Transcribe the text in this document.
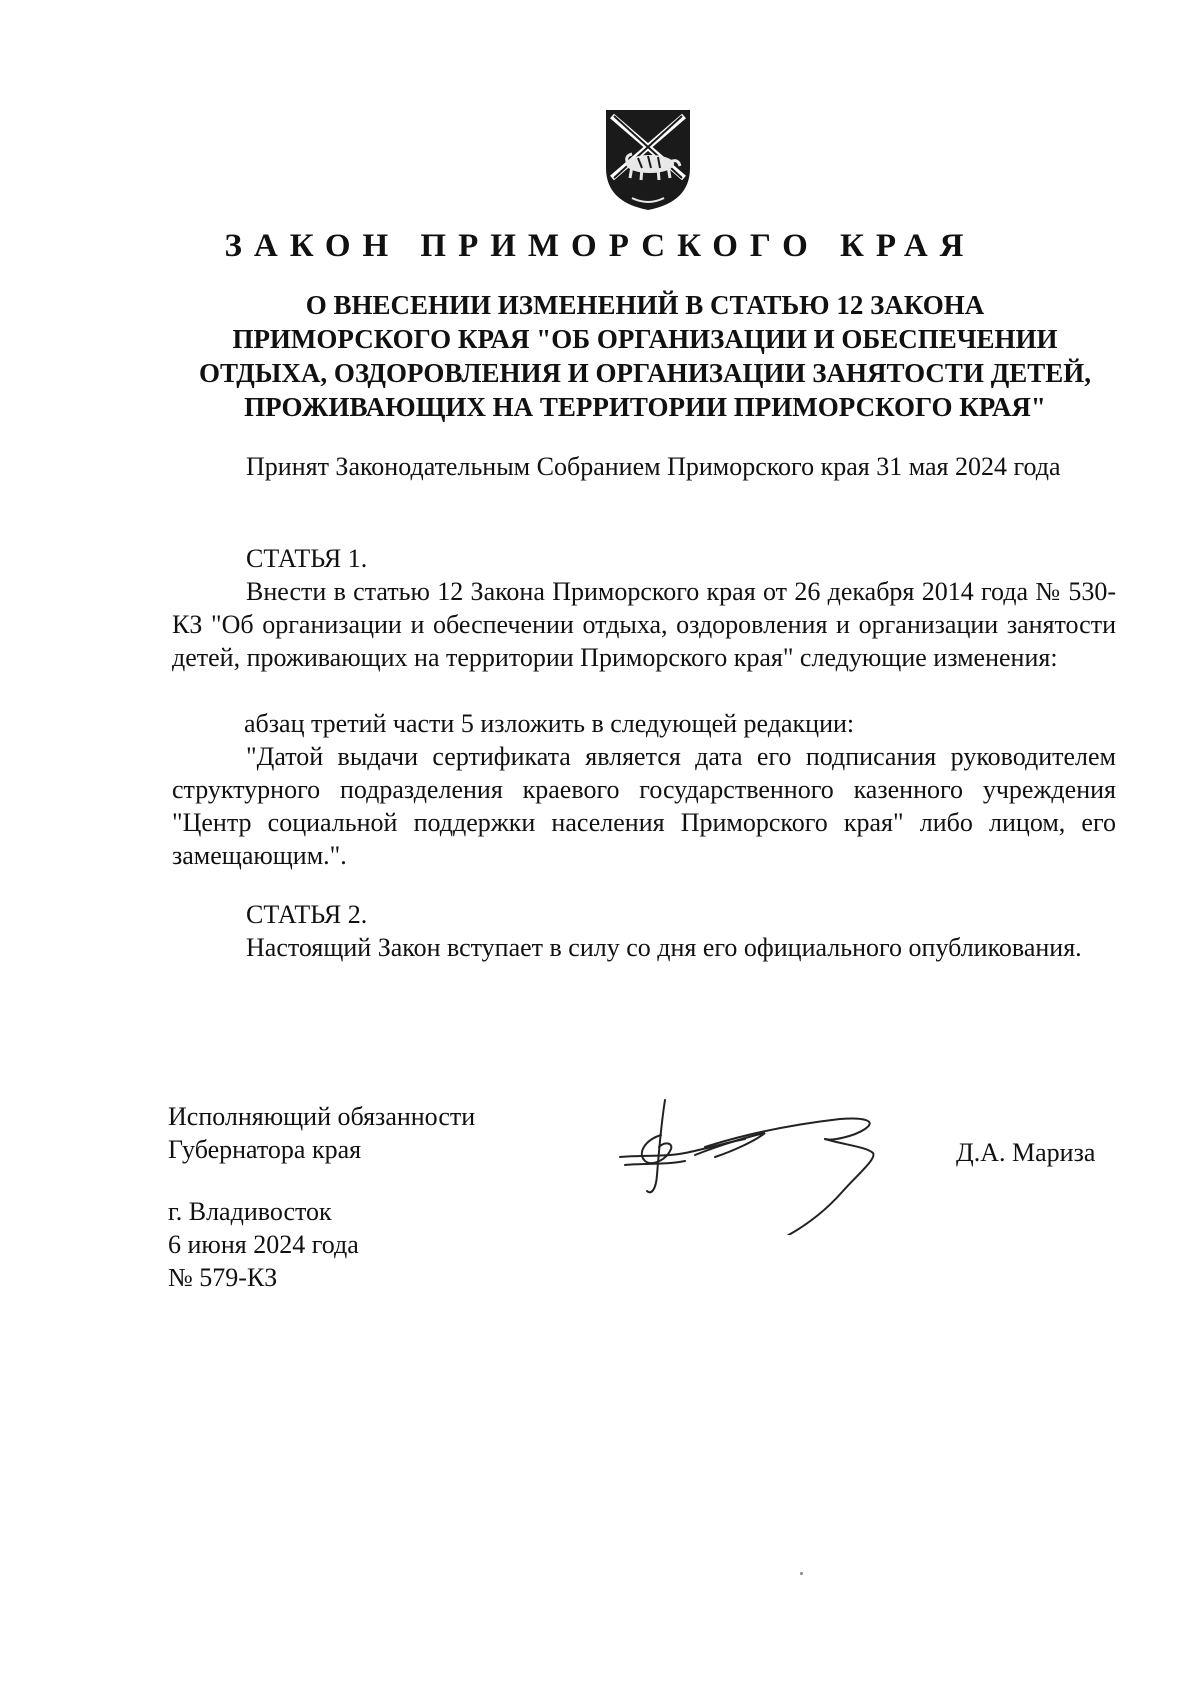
ЗАКОН ПРИМОРСКОГО КРАЯ
О ВНЕСЕНИИ ИЗМЕНЕНИЙ В СТАТЬЮ 12 ЗАКОНА
ПРИМОРСКОГО КРАЯ "ОБ ОРГАНИЗАЦИИ И ОБЕСПЕЧЕНИИ
ОТДЫХА, ОЗДОРОВЛЕНИЯ И ОРГАНИЗАЦИИ ЗАНЯТОСТИ ДЕТЕЙ,
ПРОЖИВАЮЩИХ НА ТЕРРИТОРИИ ПРИМОРСКОГО КРАЯ"

Принят Законодательным Собранием Приморского края 31 мая 2024 года

СТАТЬЯ 1.

Внести в статью 12 Закона Приморского края от 26 декабря 2014 года № 530-КЗ "Об организации и обеспечении отдыха, оздоровления и организации занятости детей, проживающих на территории Приморского края" следующие изменения:

абзац третий части 5 изложить в следующей редакции:

"Датой выдачи сертификата является дата его подписания руководителем структурного подразделения краевого государственного казенного учреждения "Центр социальной поддержки населения Приморского края" либо лицом, его замещающим.".

СТАТЬЯ 2.

Настоящий Закон вступает в силу со дня его официального опубликования.

Исполняющий обязанности
Губернатора края	Д.А. Мариза
г. Владивосток
6 июня 2024 года
№ 579-КЗ
